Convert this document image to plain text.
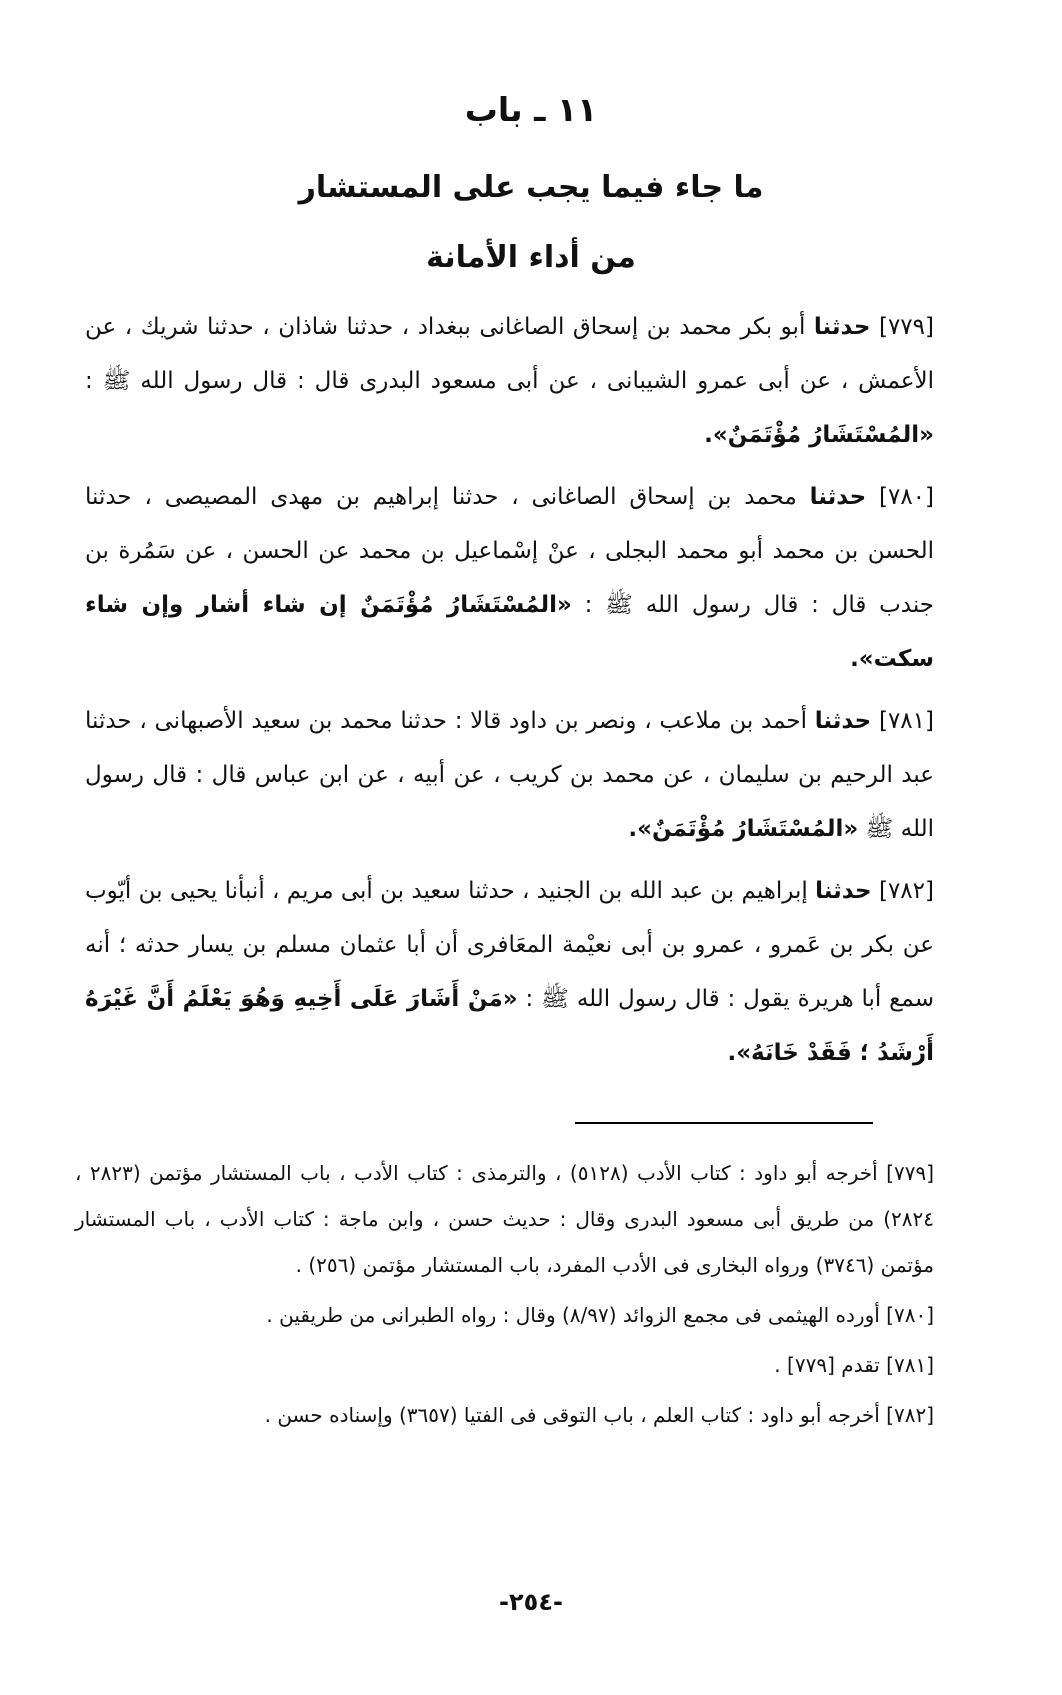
١١ ـ باب
ما جاء فيما يجب على المستشار
من أداء الأمانة

[٧٧٩] حدثنا أبو بكر محمد بن إسحاق الصاغانى ببغداد ، حدثنا شاذان ، حدثنا شريك ، عن الأعمش ، عن أبى عمرو الشيبانى ، عن أبى مسعود البدرى قال : قال رسول الله ﷺ : «المُسْتَشَارُ مُؤْتَمَنٌ».

[٧٨٠] حدثنا محمد بن إسحاق الصاغانى ، حدثنا إبراهيم بن مهدى المصيصى ، حدثنا الحسن بن محمد أبو محمد البجلى ، عنْ إسْماعيل بن محمد عن الحسن ، عن سَمُرة بن جندب قال : قال رسول الله ﷺ : «المُسْتَشَارُ مُؤْتَمَنٌ إن شاء أشار وإن شاء سكت».

[٧٨١] حدثنا أحمد بن ملاعب ، ونصر بن داود قالا : حدثنا محمد بن سعيد الأصبهانى ، حدثنا عبد الرحيم بن سليمان ، عن محمد بن كريب ، عن أبيه ، عن ابن عباس قال : قال رسول الله ﷺ «المُسْتَشَارُ مُؤْتَمَنٌ».

[٧٨٢] حدثنا إبراهيم بن عبد الله بن الجنيد ، حدثنا سعيد بن أبى مريم ، أنبأنا يحيى بن أيّوب عن بكر بن عَمرو ، عمرو بن أبى نعيْمة المعَافرى أن أبا عثمان مسلم بن يسار حدثه ؛ أنه سمع أبا هريرة يقول : قال رسول الله ﷺ : «مَنْ أَشَارَ عَلَى أَخِيهِ وَهُوَ يَعْلَمُ أَنَّ غَيْرَهُ أَرْشَدُ ؛ فَقَدْ خَانَهُ».

[٧٧٩] أخرجه أبو داود : كتاب الأدب (٥١٢٨) ، والترمذى : كتاب الأدب ، باب المستشار مؤتمن (٢٨٢٣ ، ٢٨٢٤) من طريق أبى مسعود البدرى وقال : حديث حسن ، وابن ماجة : كتاب الأدب ، باب المستشار مؤتمن (٣٧٤٦) ورواه البخارى فى الأدب المفرد، باب المستشار مؤتمن (٢٥٦) .

[٧٨٠] أورده الهيثمى فى مجمع الزوائد (٨/٩٧) وقال : رواه الطبرانى من طريقين .

[٧٨١] تقدم [٧٧٩] .

[٧٨٢] أخرجه أبو داود : كتاب العلم ، باب التوقى فى الفتيا (٣٦٥٧) وإسناده حسن .

-٢٥٤-
